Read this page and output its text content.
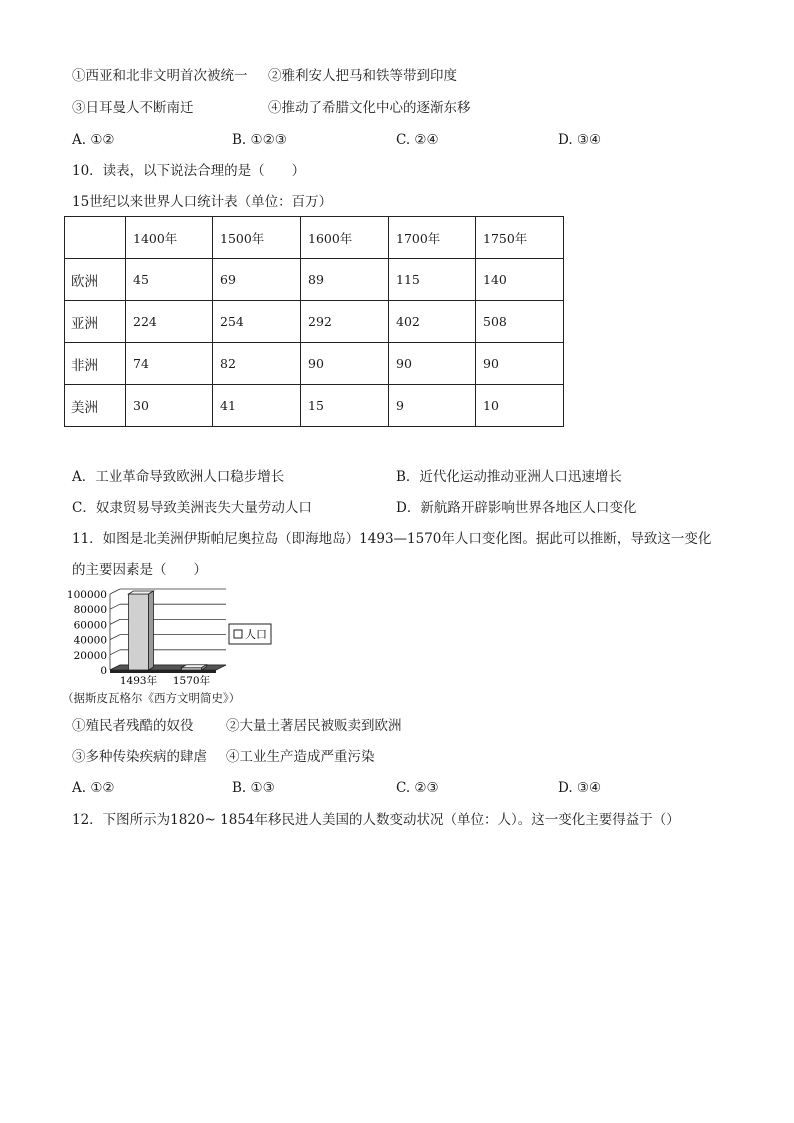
①西亚和北非文明首次被统一 ②雅利安人把马和铁等带到印度
③日耳曼人不断南迁	④推动了希腊文化中心的逐渐东移
A. ①②	B. ①②③	C. ②④	D. ③④
10．读表，以下说法合理的是（　　）
15世纪以来世界人口统计表（单位：百万）
	1400年	1500年	1600年	1700年	1750年
欧洲	45	69	89	115	140
亚洲	224	254	292	402	508
非洲	74	82	90	90	90
美洲	30	41	15	9	10
A．工业革命导致欧洲人口稳步增长	B．近代化运动推动亚洲人口迅速增长
C．奴隶贸易导致美洲丧失大量劳动人口	D．新航路开辟影响世界各地区人口变化
11．如图是北美洲伊斯帕尼奥拉岛（即海地岛）1493—1570年人口变化图。据此可以推断，导致这一变化
的主要因素是（　　）
100000
80000
60000
40000
20000
0
1493年 1570年
人口
（据斯皮瓦格尔《西方文明简史》）
①殖民者残酷的奴役 ②大量土著居民被贩卖到欧洲
③多种传染疾病的肆虐 ④工业生产造成严重污染
A. ①②	B. ①③	C. ②③	D. ③④
12．下图所示为1820~ 1854年移民进人美国的人数变动状况（单位：人）。这一变化主要得益于（）
